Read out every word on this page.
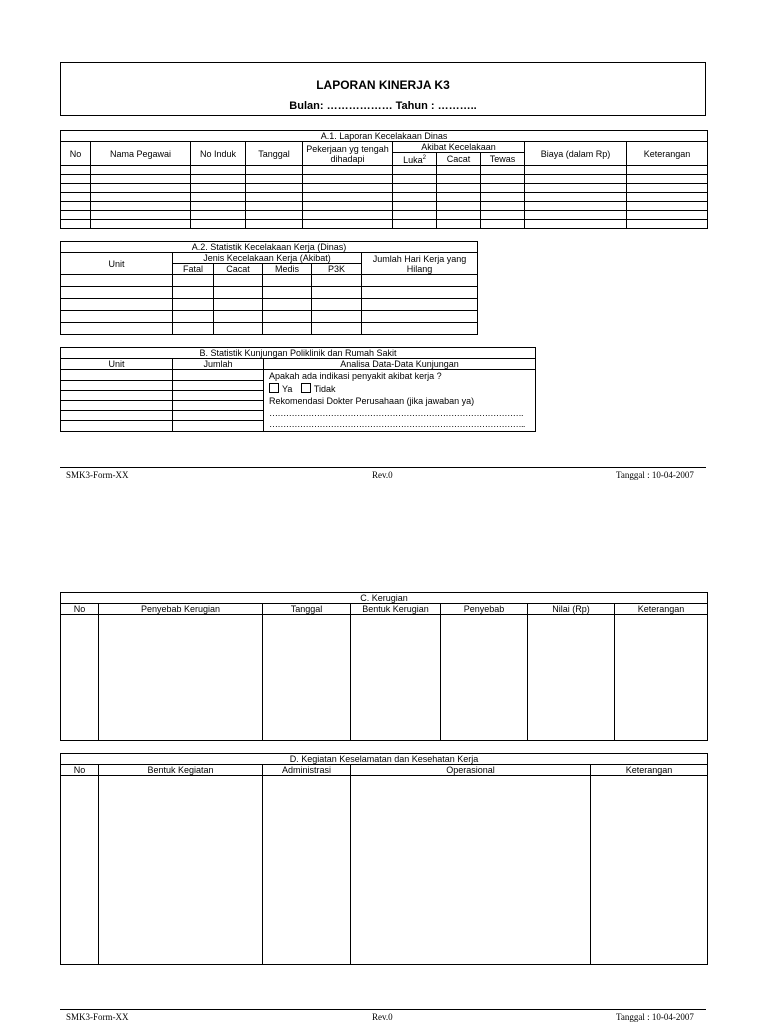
LAPORAN KINERJA K3
Bulan: ……………… Tahun : ………..
A.1. Laporan Kecelakaan Dinas									
No	Nama Pegawai	No Induk	Tanggal	Pekerjaan yg tengah dihadapi	Akibat Kecelakaan			Biaya (dalam Rp)	Keterangan
					Luka$^2$	Cacat	Tewas		

A.2. Statistik Kecelakaan Kerja (Dinas)					
Unit	Jenis Kecelakaan Kerja (Akibat)				Jumlah Hari Kerja yang Hilang
	Fatal	Cacat	Medis	P3K	

B. Statistik Kunjungan Poliklinik dan Rumah Sakit		
Unit	Jumlah	Analisa Data-Data Kunjungan

		Apakah ada indikasi penyakit akibat kerja ?
Ya Tidak
Rekomendasi Dokter Perusahaan (jika jawaban ya)
……………………………………………………………………………….
………………………………………………………………………………..

SMK3-Form-XX	Rev.0	Tanggal : 10-04-2007
C. Kerugian						
No	Penyebab Kerugian	Tanggal	Bentuk Kerugian	Penyebab	Nilai (Rp)	Keterangan

D. Kegiatan Keselamatan dan Kesehatan Kerja				
No	Bentuk Kegiatan	Administrasi	Operasional	Keterangan

SMK3-Form-XX	Rev.0	Tanggal : 10-04-2007
